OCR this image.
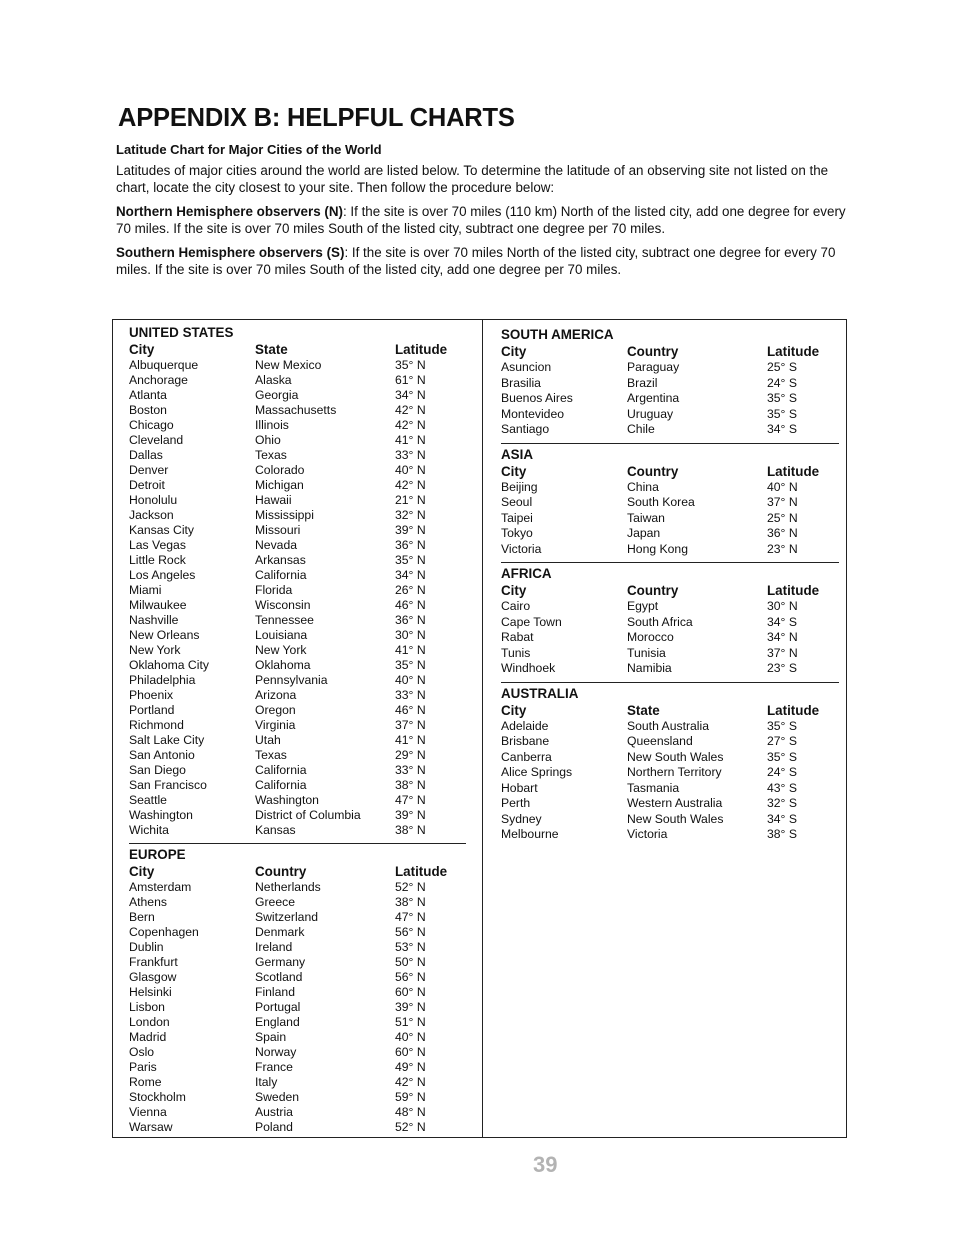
APPENDIX B: HELPFUL CHARTS
Latitude Chart for Major Cities of the World

Latitudes of major cities around the world are listed below. To determine the latitude of an observing site not listed on the chart, locate the city closest to your site. Then follow the procedure below:

Northern Hemisphere observers (N): If the site is over 70 miles (110 km) North of the listed city, add one degree for every 70 miles. If the site is over 70 miles South of the listed city, subtract one degree per 70 miles.

Southern Hemisphere observers (S): If the site is over 70 miles North of the listed city, subtract one degree for every 70 miles. If the site is over 70 miles South of the listed city, add one degree per 70 miles.

UNITED STATES
City	State	Latitude
Albuquerque	New Mexico	35° N
Anchorage	Alaska	61° N
Atlanta	Georgia	34° N
Boston	Massachusetts	42° N
Chicago	Illinois	42° N
Cleveland	Ohio	41° N
Dallas	Texas	33° N
Denver	Colorado	40° N
Detroit	Michigan	42° N
Honolulu	Hawaii	21° N
Jackson	Mississippi	32° N
Kansas City	Missouri	39° N
Las Vegas	Nevada	36° N
Little Rock	Arkansas	35° N
Los Angeles	California	34° N
Miami	Florida	26° N
Milwaukee	Wisconsin	46° N
Nashville	Tennessee	36° N
New Orleans	Louisiana	30° N
New York	New York	41° N
Oklahoma City	Oklahoma	35° N
Philadelphia	Pennsylvania	40° N
Phoenix	Arizona	33° N
Portland	Oregon	46° N
Richmond	Virginia	37° N
Salt Lake City	Utah	41° N
San Antonio	Texas	29° N
San Diego	California	33° N
San Francisco	California	38° N
Seattle	Washington	47° N
Washington	District of Columbia	39° N
Wichita	Kansas	38° N
EUROPE
City	Country	Latitude
Amsterdam	Netherlands	52° N
Athens	Greece	38° N
Bern	Switzerland	47° N
Copenhagen	Denmark	56° N
Dublin	Ireland	53° N
Frankfurt	Germany	50° N
Glasgow	Scotland	56° N
Helsinki	Finland	60° N
Lisbon	Portugal	39° N
London	England	51° N
Madrid	Spain	40° N
Oslo	Norway	60° N
Paris	France	49° N
Rome	Italy	42° N
Stockholm	Sweden	59° N
Vienna	Austria	48° N
Warsaw	Poland	52° N
SOUTH AMERICA
City	Country	Latitude
Asuncion	Paraguay	25° S
Brasilia	Brazil	24° S
Buenos Aires	Argentina	35° S
Montevideo	Uruguay	35° S
Santiago	Chile	34° S
ASIA
City	Country	Latitude
Beijing	China	40° N
Seoul	South Korea	37° N
Taipei	Taiwan	25° N
Tokyo	Japan	36° N
Victoria	Hong Kong	23° N
AFRICA
City	Country	Latitude
Cairo	Egypt	30° N
Cape Town	South Africa	34° S
Rabat	Morocco	34° N
Tunis	Tunisia	37° N
Windhoek	Namibia	23° S
AUSTRALIA
City	State	Latitude
Adelaide	South Australia	35° S
Brisbane	Queensland	27° S
Canberra	New South Wales	35° S
Alice Springs	Northern Territory	24° S
Hobart	Tasmania	43° S
Perth	Western Australia	32° S
Sydney	New South Wales	34° S
Melbourne	Victoria	38° S
39
